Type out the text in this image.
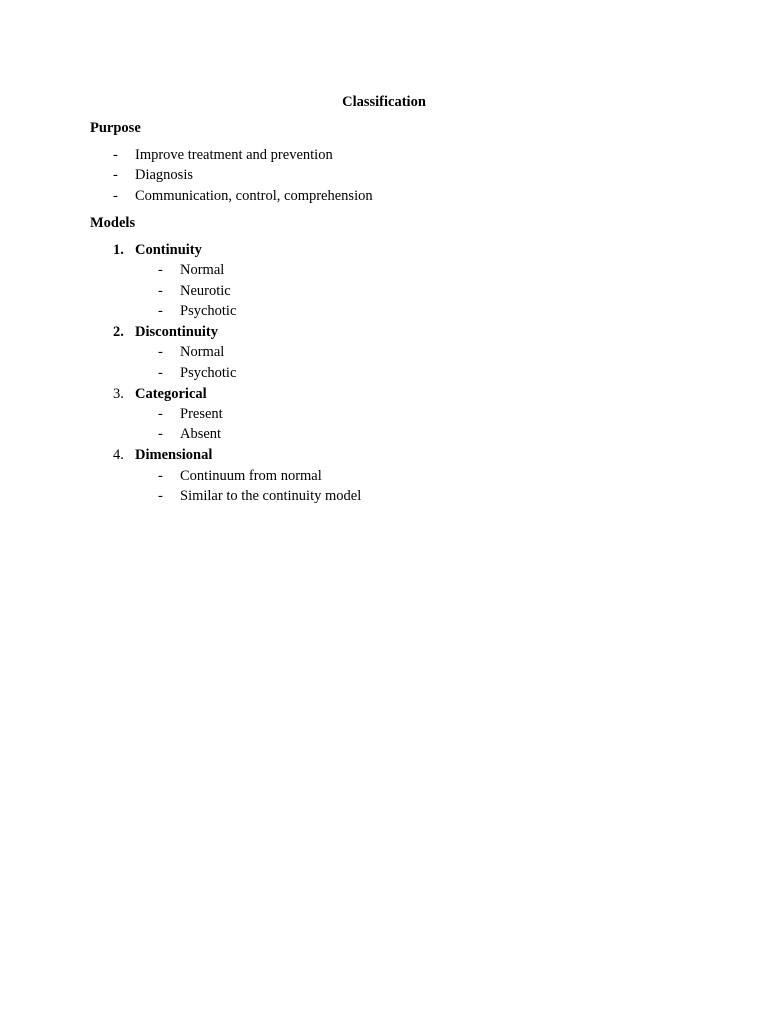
Classification
Purpose
- Improve treatment and prevention
- Diagnosis
- Communication, control, comprehension
Models
1. Continuity
- Normal
- Neurotic
- Psychotic
2. Discontinuity
- Normal
- Psychotic
3. Categorical
- Present
- Absent
4. Dimensional
- Continuum from normal
- Similar to the continuity model
